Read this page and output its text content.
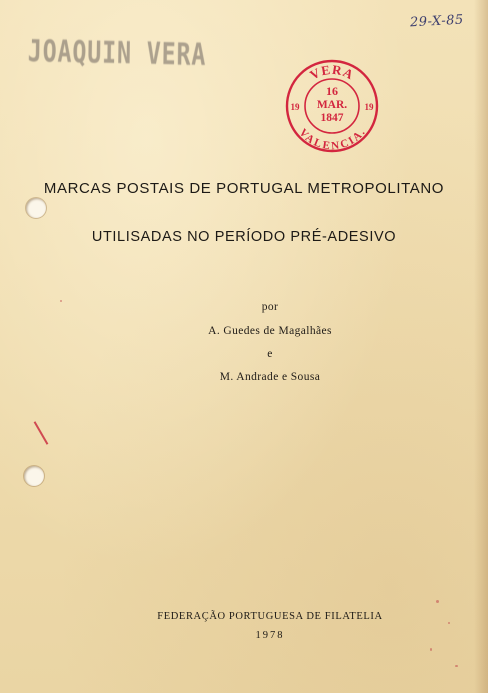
29-X-85
JOAQUIN VERA
VERA
VALENCIA.
16
MAR.
1847
19	19
MARCAS POSTAIS DE PORTUGAL METROPOLITANO
UTILISADAS NO PERÍODO PRÉ-ADESIVO
por
A. Guedes de Magalhães
e
M. Andrade e Sousa
FEDERAÇÃO PORTUGUESA DE FILATELIA
1978
